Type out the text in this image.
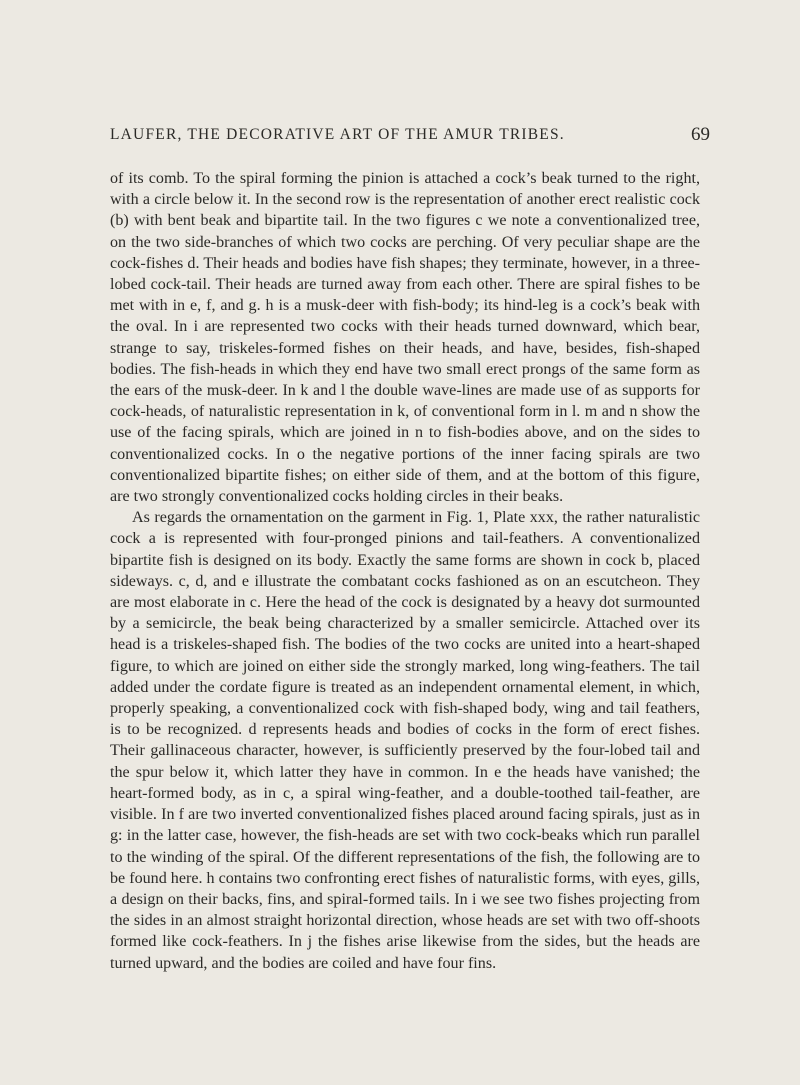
LAUFER, THE DECORATIVE ART OF THE AMUR TRIBES.	69

of its comb. To the spiral forming the pinion is attached a cock’s beak turned to the right, with a circle below it. In the second row is the representation of another erect realistic cock (b) with bent beak and bipartite tail. In the two figures c we note a conventionalized tree, on the two side-branches of which two cocks are perching. Of very peculiar shape are the cock-fishes d. Their heads and bodies have fish shapes; they terminate, however, in a three-lobed cock-tail. Their heads are turned away from each other. There are spiral fishes to be met with in e, f, and g. h is a musk-deer with fish-body; its hind-leg is a cock’s beak with the oval. In i are represented two cocks with their heads turned downward, which bear, strange to say, triskeles-formed fishes on their heads, and have, besides, fish-shaped bodies. The fish-heads in which they end have two small erect prongs of the same form as the ears of the musk-deer. In k and l the double wave-lines are made use of as supports for cock-heads, of naturalistic representation in k, of conventional form in l. m and n show the use of the facing spirals, which are joined in n to fish-bodies above, and on the sides to conventionalized cocks. In o the negative portions of the inner facing spirals are two conventionalized bipartite fishes; on either side of them, and at the bottom of this figure, are two strongly conventionalized cocks holding circles in their beaks.

As regards the ornamentation on the garment in Fig. 1, Plate xxx, the rather naturalistic cock a is represented with four-pronged pinions and tail-feathers. A conventionalized bipartite fish is designed on its body. Exactly the same forms are shown in cock b, placed sideways. c, d, and e illustrate the combatant cocks fashioned as on an escutcheon. They are most elaborate in c. Here the head of the cock is designated by a heavy dot surmounted by a semicircle, the beak being characterized by a smaller semicircle. Attached over its head is a triskeles-shaped fish. The bodies of the two cocks are united into a heart-shaped figure, to which are joined on either side the strongly marked, long wing-feathers. The tail added under the cordate figure is treated as an independent ornamental element, in which, properly speaking, a conventionalized cock with fish-shaped body, wing and tail feathers, is to be recognized. d represents heads and bodies of cocks in the form of erect fishes. Their gallinaceous character, however, is sufficiently preserved by the four-lobed tail and the spur below it, which latter they have in common. In e the heads have vanished; the heart-formed body, as in c, a spiral wing-feather, and a double-toothed tail-feather, are visible. In f are two inverted conventionalized fishes placed around facing spirals, just as in g: in the latter case, however, the fish-heads are set with two cock-beaks which run parallel to the winding of the spiral. Of the different representations of the fish, the following are to be found here. h contains two confronting erect fishes of naturalistic forms, with eyes, gills, a design on their backs, fins, and spiral-formed tails. In i we see two fishes projecting from the sides in an almost straight horizontal direction, whose heads are set with two off-shoots formed like cock-feathers. In j the fishes arise likewise from the sides, but the heads are turned upward, and the bodies are coiled and have four fins.
